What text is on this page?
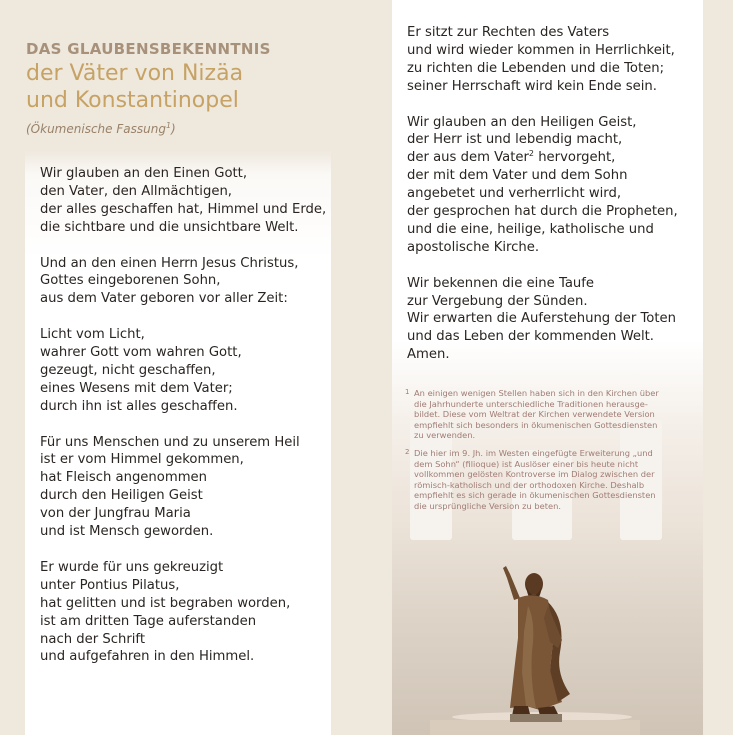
DAS GLAUBENSBEKENNTNIS
der Väter von Nizäa
und Konstantinopel
(Ökumenische Fassung$^1$)
Wir glauben an den Einen Gott,
den Vater, den Allmächtigen,
der alles geschaffen hat, Himmel und Erde,
die sichtbare und die unsichtbare Welt.
Und an den einen Herrn Jesus Christus,
Gottes eingeborenen Sohn,
aus dem Vater geboren vor aller Zeit:
Licht vom Licht,
wahrer Gott vom wahren Gott,
gezeugt, nicht geschaffen,
eines Wesens mit dem Vater;
durch ihn ist alles geschaffen.
Für uns Menschen und zu unserem Heil
ist er vom Himmel gekommen,
hat Fleisch angenommen
durch den Heiligen Geist
von der Jungfrau Maria
und ist Mensch geworden.
Er wurde für uns gekreuzigt
unter Pontius Pilatus,
hat gelitten und ist begraben worden,
ist am dritten Tage auferstanden
nach der Schrift
und aufgefahren in den Himmel.
Er sitzt zur Rechten des Vaters
und wird wieder kommen in Herrlichkeit,
zu richten die Lebenden und die Toten;
seiner Herrschaft wird kein Ende sein.
Wir glauben an den Heiligen Geist,
der Herr ist und lebendig macht,
der aus dem Vater$^2$ hervorgeht,
der mit dem Vater und dem Sohn
angebetet und verherrlicht wird,
der gesprochen hat durch die Propheten,
und die eine, heilige, katholische und
apostolische Kirche.
Wir bekennen die eine Taufe
zur Vergebung der Sünden.
Wir erwarten die Auferstehung der Toten
und das Leben der kommenden Welt.
Amen.
1 An einigen wenigen Stellen haben sich in den Kirchen über
die Jahrhunderte unterschiedliche Traditionen herausge-
bildet. Diese vom Weltrat der Kirchen verwendete Version
empfiehlt sich besonders in ökumenischen Gottesdiensten
zu verwenden.
2 Die hier im 9. Jh. im Westen eingefügte Erweiterung „und
dem Sohn“ (filioque) ist Auslöser einer bis heute nicht
vollkommen gelösten Kontroverse im Dialog zwischen der
römisch-katholisch und der orthodoxen Kirche. Deshalb
empfiehlt es sich gerade in ökumenischen Gottesdiensten
die ursprüngliche Version zu beten.
